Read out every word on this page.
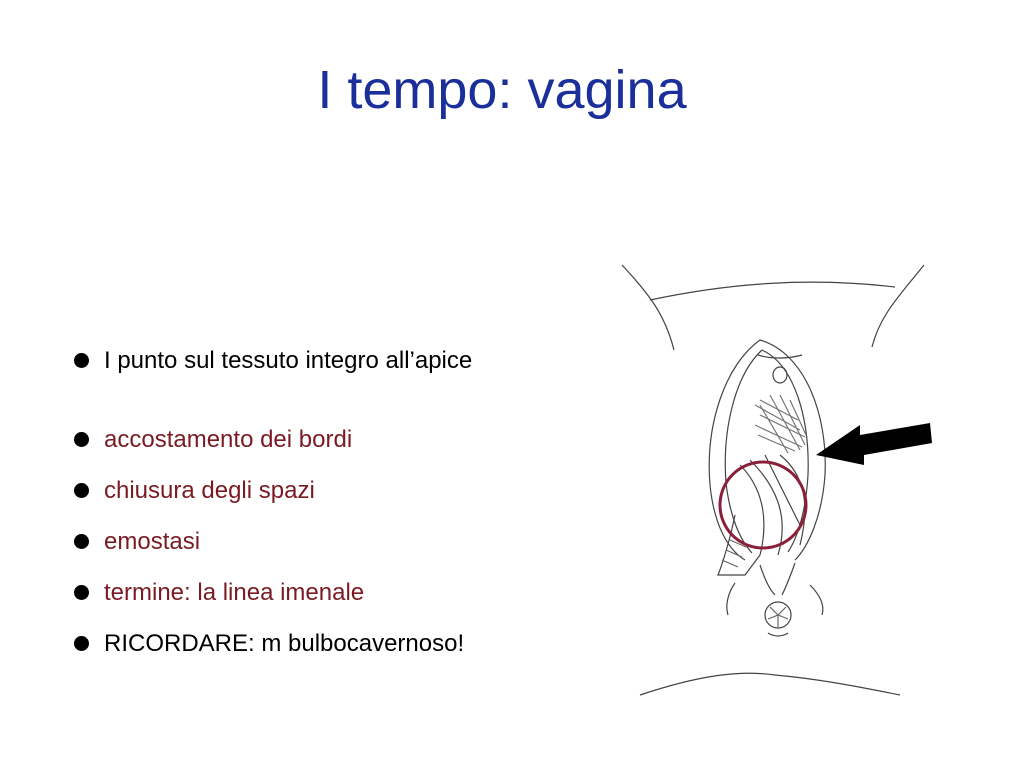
I tempo: vagina
I punto sul tessuto integro all’apice
accostamento dei bordi
chiusura degli spazi
emostasi
termine: la linea imenale
RICORDARE: m bulbocavernoso!
